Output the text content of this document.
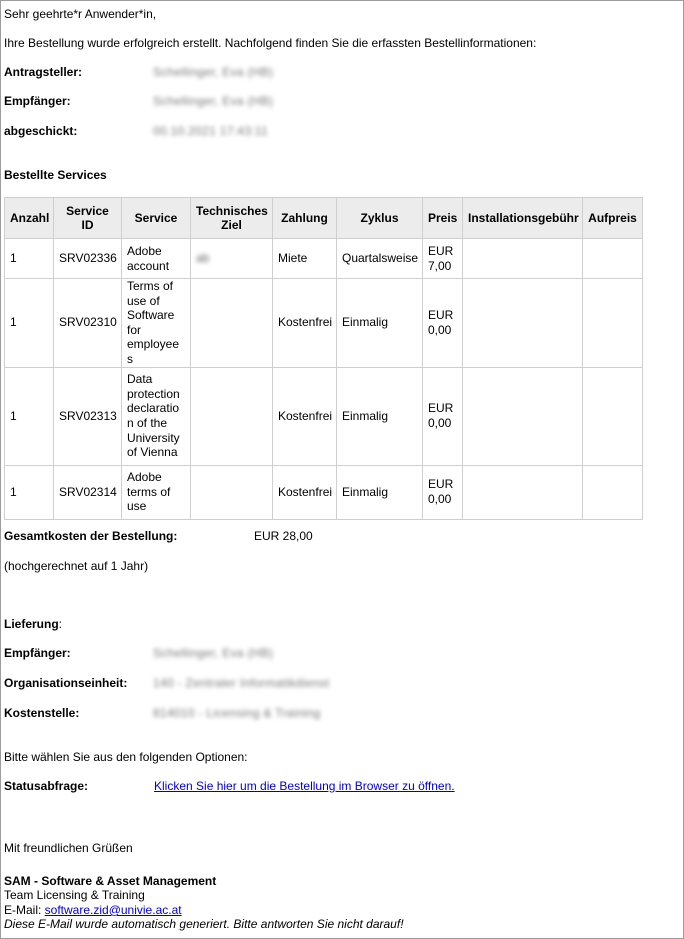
Sehr geehrte*r Anwender*in,
Ihre Bestellung wurde erfolgreich erstellt. Nachfolgend finden Sie die erfassten Bestellinformationen:
Antragsteller:	Schellinger, Eva (HB)
Empfänger:	Schellinger, Eva (HB)
abgeschickt:	00.10.2021 17:43:11
Bestellte Services
Anzahl	Service ID	Service	Technisches Ziel	Zahlung	Zyklus	Preis	Installationsgebühr	Aufpreis
1	SRV02336	Adobe account	ab	Miete	Quartalsweise	EUR 7,00		
1	SRV02310	Terms of use of Software for employees		Kostenfrei	Einmalig	EUR 0,00		
1	SRV02313	Data protection declaration of the University of Vienna		Kostenfrei	Einmalig	EUR 0,00		
1	SRV02314	Adobe terms of use		Kostenfrei	Einmalig	EUR 0,00		
Gesamtkosten der Bestellung:	EUR 28,00
(hochgerechnet auf 1 Jahr)
Lieferung:
Empfänger:	Schellinger, Eva (HB)
Organisationseinheit: 140 - Zentraler Informatikdienst
Kostenstelle:	814010 - Licensing & Training
Bitte wählen Sie aus den folgenden Optionen:
Statusabfrage:	Klicken Sie hier um die Bestellung im Browser zu öffnen.
Mit freundlichen Grüßen
SAM - Software & Asset Management
Team Licensing & Training
E-Mail: software.zid@univie.ac.at
Diese E-Mail wurde automatisch generiert. Bitte antworten Sie nicht darauf!
